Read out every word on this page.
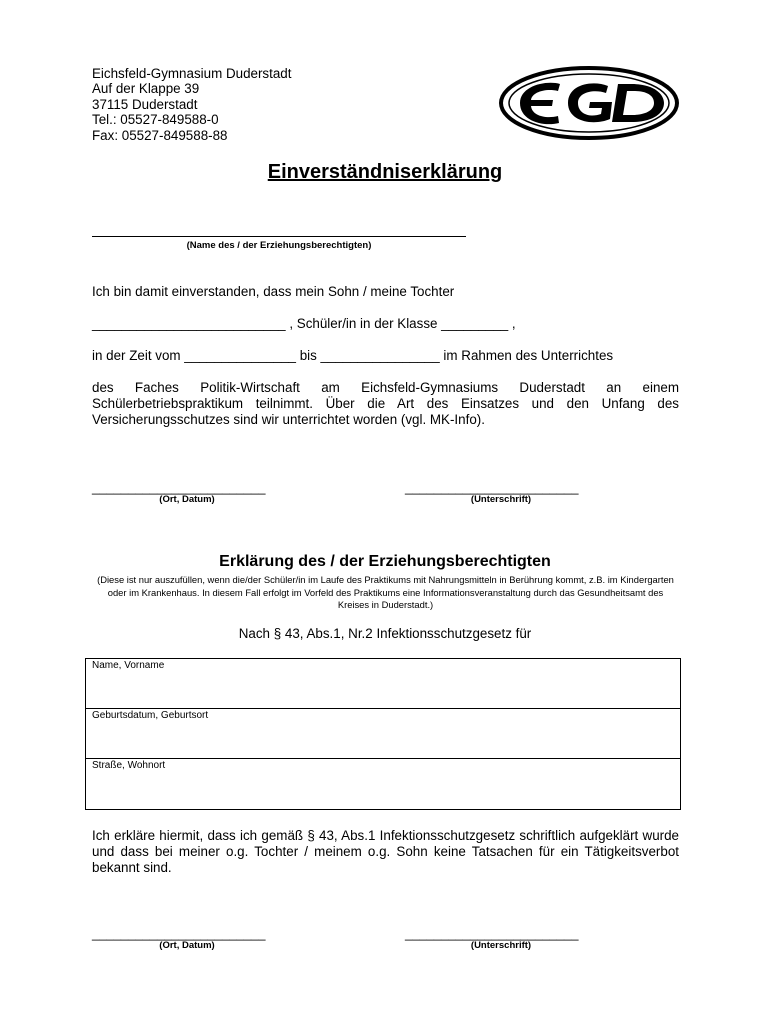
Eichsfeld-Gymnasium Duderstadt
Auf der Klappe 39
37115 Duderstadt
Tel.: 05527-849588-0
Fax: 05527-849588-88
Einverständniserklärung
(Name des / der Erziehungsberechtigten)
Ich bin damit einverstanden, dass mein Sohn / meine Tochter
__________________________ , Schüler/in in der Klasse _________ ,
in der Zeit vom _______________ bis ________________ im Rahmen des Unterrichtes
des Faches Politik-Wirtschaft am Eichsfeld-Gymnasiums Duderstadt an einem Schülerbetriebspraktikum teilnimmt. Über die Art des Einsatzes und den Unfang des Versicherungsschutzes sind wir unterrichtet worden (vgl. MK-Info).
________________________
(Ort, Datum)
________________________
(Unterschrift)
Erklärung des / der Erziehungsberechtigten
(Diese ist nur auszufüllen, wenn die/der Schüler/in im Laufe des Praktikums mit Nahrungsmitteln in Berührung kommt, z.B. im Kindergarten oder im Krankenhaus. In diesem Fall erfolgt im Vorfeld des Praktikums eine Informationsveranstaltung durch das Gesundheitsamt des Kreises in Duderstadt.)
Nach § 43, Abs.1, Nr.2 Infektionsschutzgesetz für
Name, Vorname
Geburtsdatum, Geburtsort
Straße, Wohnort
Ich erkläre hiermit, dass ich gemäß § 43, Abs.1 Infektionsschutzgesetz schriftlich aufgeklärt wurde und dass bei meiner o.g. Tochter / meinem o.g. Sohn keine Tatsachen für ein Tätigkeitsverbot bekannt sind.
________________________
(Ort, Datum)
________________________
(Unterschrift)
